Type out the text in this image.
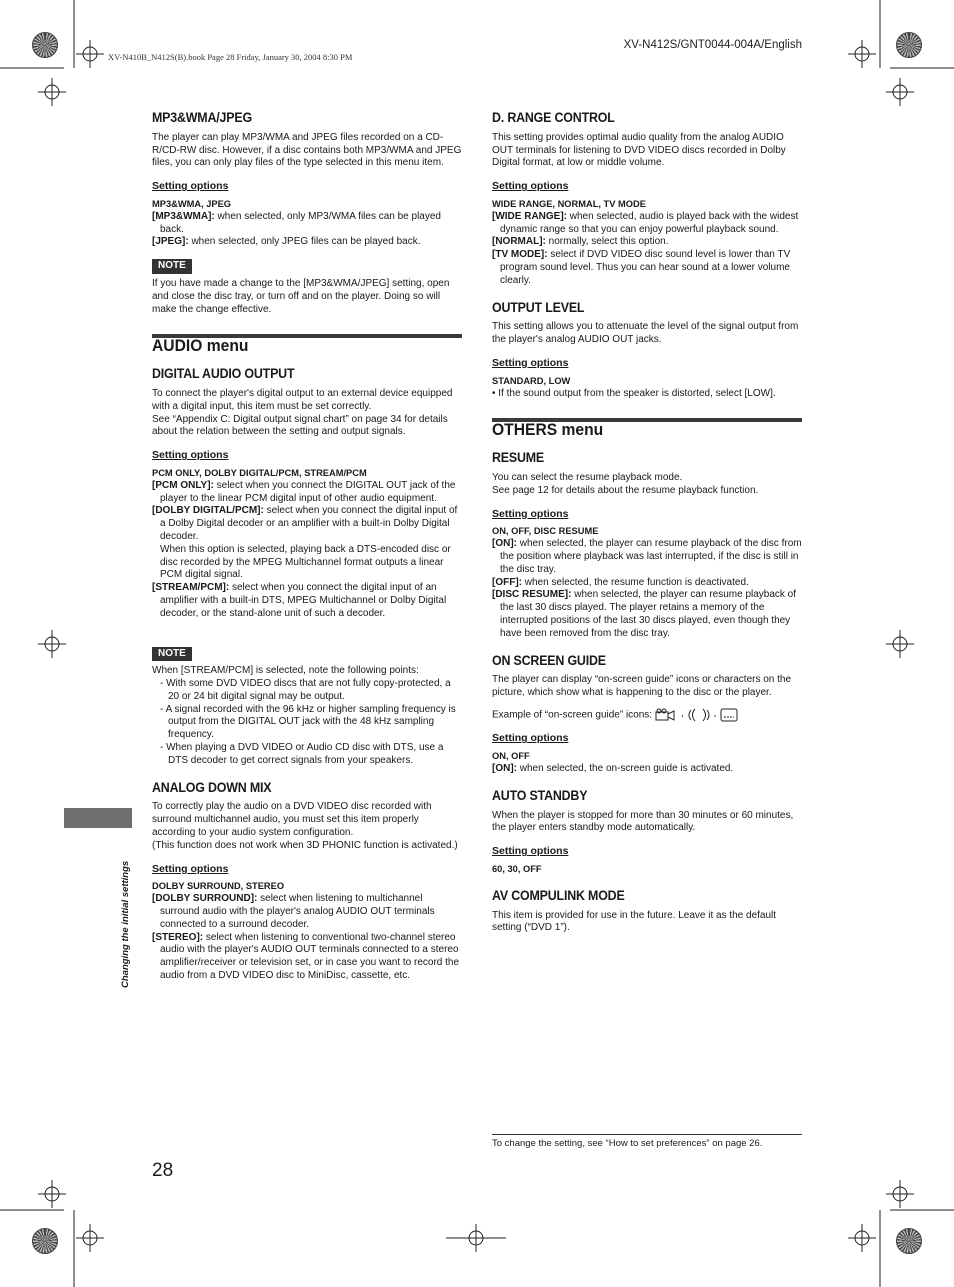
XV-N410B_N412S(B).book Page 28 Friday, January 30, 2004 8:30 PM
XV-N412S/GNT0044-004A/English
MP3&WMA/JPEG

The player can play MP3/WMA and JPEG files recorded on a CD-R/CD-RW disc. However, if a disc contains both MP3/WMA and JPEG files, you can only play files of the type selected in this menu item.

Setting options

MP3&WMA, JPEG

[MP3&WMA]: when selected, only MP3/WMA files can be played back.

[JPEG]: when selected, only JPEG files can be played back.

NOTE

If you have made a change to the [MP3&WMA/JPEG] setting, open and close the disc tray, or turn off and on the player. Doing so will make the change effective.

AUDIO menu
DIGITAL AUDIO OUTPUT

To connect the player's digital output to an external device equipped with a digital input, this item must be set correctly.

See “Appendix C: Digital output signal chart” on page 34 for details about the relation between the setting and output signals.

Setting options

PCM ONLY, DOLBY DIGITAL/PCM, STREAM/PCM

[PCM ONLY]: select when you connect the DIGITAL OUT jack of the player to the linear PCM digital input of other audio equipment.

[DOLBY DIGITAL/PCM]: select when you connect the digital input of a Dolby Digital decoder or an amplifier with a built-in Dolby Digital decoder.

When this option is selected, playing back a DTS-encoded disc or disc recorded by the MPEG Multichannel format outputs a linear PCM digital signal.

[STREAM/PCM]: select when you connect the digital input of an amplifier with a built-in DTS, MPEG Multichannel or Dolby Digital decoder, or the stand-alone unit of such a decoder.

NOTE

When [STREAM/PCM] is selected, note the following points:

- With some DVD VIDEO discs that are not fully copy-protected, a 20 or 24 bit digital signal may be output.

- A signal recorded with the 96 kHz or higher sampling frequency is output from the DIGITAL OUT jack with the 48 kHz sampling frequency.

- When playing a DVD VIDEO or Audio CD disc with DTS, use a DTS decoder to get correct signals from your speakers.

ANALOG DOWN MIX

To correctly play the audio on a DVD VIDEO disc recorded with surround multichannel audio, you must set this item properly according to your audio system configuration.

(This function does not work when 3D PHONIC function is activated.)

Setting options

DOLBY SURROUND, STEREO

[DOLBY SURROUND]: select when listening to multichannel surround audio with the player's analog AUDIO OUT terminals connected to a surround decoder.

[STEREO]: select when listening to conventional two-channel stereo audio with the player's AUDIO OUT terminals connected to a stereo amplifier/receiver or television set, or in case you want to record the audio from a DVD VIDEO disc to MiniDisc, cassette, etc.

D. RANGE CONTROL

This setting provides optimal audio quality from the analog AUDIO OUT terminals for listening to DVD VIDEO discs recorded in Dolby Digital format, at low or middle volume.

Setting options

WIDE RANGE, NORMAL, TV MODE

[WIDE RANGE]: when selected, audio is played back with the widest dynamic range so that you can enjoy powerful playback sound.

[NORMAL]: normally, select this option.

[TV MODE]: select if DVD VIDEO disc sound level is lower than TV program sound level. Thus you can hear sound at a lower volume clearly.

OUTPUT LEVEL

This setting allows you to attenuate the level of the signal output from the player's analog AUDIO OUT jacks.

Setting options

STANDARD, LOW

• If the sound output from the speaker is distorted, select [LOW].

OTHERS menu
RESUME

You can select the resume playback mode.

See page 12 for details about the resume playback function.

Setting options

ON, OFF, DISC RESUME

[ON]: when selected, the player can resume playback of the disc from the position where playback was last interrupted, if the disc is still in the disc tray.

[OFF]: when selected, the resume function is deactivated.

[DISC RESUME]: when selected, the player can resume playback of the last 30 discs played. The player retains a memory of the interrupted positions of the last 30 discs played, even though they have been removed from the disc tray.

ON SCREEN GUIDE

The player can display “on-screen guide” icons or characters on the picture, which show what is happening to the disc or the player.

Example of “on-screen guide” icons:	,	,

Setting options

ON, OFF

[ON]: when selected, the on-screen guide is activated.

AUTO STANDBY

When the player is stopped for more than 30 minutes or 60 minutes, the player enters standby mode automatically.

Setting options

60, 30, OFF

AV COMPULINK MODE

This item is provided for use in the future. Leave it as the default setting (“DVD 1”).

Changing the initial settings
To change the setting, see “How to set preferences” on page 26.
28
